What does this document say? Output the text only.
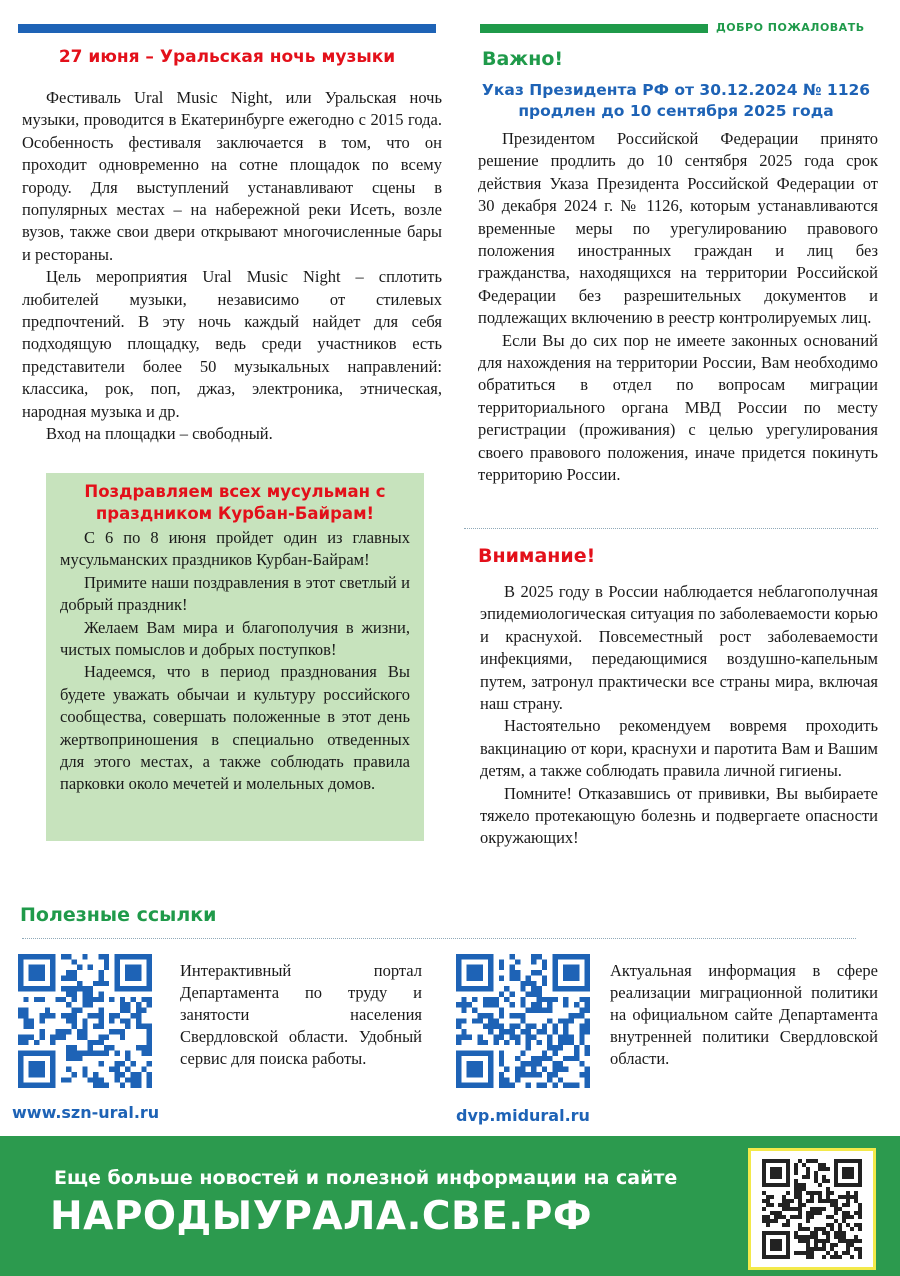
ДОБРО ПОЖАЛОВАТЬ
27 июня – Уральская ночь музыки

Фестиваль Ural Music Night, или Уральская ночь музыки, проводится в Екатеринбурге ежегодно с 2015 года. Особенность фестиваля заключается в том, что он проходит одновременно на сотне площадок по всему городу. Для выступлений устанавливают сцены в популярных местах – на набережной реки Исеть, возле вузов, также свои двери открывают многочисленные бары и рестораны.

Цель мероприятия Ural Music Night – сплотить любителей музыки, независимо от стилевых предпочтений. В эту ночь каждый найдет для себя подходящую площадку, ведь среди участников есть представители более 50 музыкальных направлений: классика, рок, поп, джаз, электроника, этническая, народная музыка и др.

Вход на площадки – свободный.

Поздравляем всех мусульман с праздником Курбан-Байрам!

С 6 по 8 июня пройдет один из главных мусульманских праздников Курбан-Байрам!

Примите наши поздравления в этот светлый и добрый праздник!

Желаем Вам мира и благополучия в жизни, чистых помыслов и добрых поступков!

Надеемся, что в период празднования Вы будете уважать обычаи и культуру российского сообщества, совершать положенные в этот день жертвоприношения в специально отведенных для этого местах, а также соблюдать правила парковки около мечетей и молельных домов.

Важно!
Указ Президента РФ от 30.12.2024 № 1126 продлен до 10 сентября 2025 года

Президентом Российской Федерации принято решение продлить до 10 сентября 2025 года срок действия Указа Президента Российской Федерации от 30 декабря 2024 г. № 1126, которым устанавливаются временные меры по урегулированию правового положения иностранных граждан и лиц без гражданства, находящихся на территории Российской Федерации без разрешительных документов и подлежащих включению в реестр контролируемых лиц.

Если Вы до сих пор не имеете законных оснований для нахождения на территории России, Вам необходимо обратиться в отдел по вопросам миграции территориального органа МВД России по месту регистрации (проживания) с целью урегулирования своего правового положения, иначе придется покинуть территорию России.

Внимание!

В 2025 году в России наблюдается неблагополучная эпидемиологическая ситуация по заболеваемости корью и краснухой. Повсеместный рост заболеваемости инфекциями, передающимися воздушно-капельным путем, затронул практически все страны мира, включая наш страну.

Настоятельно рекомендуем вовремя проходить вакцинацию от кори, краснухи и паротита Вам и Вашим детям, а также соблюдать правила личной гигиены.

Помните! Отказавшись от прививки, Вы выбираете тяжело протекающую болезнь и подвергаете опасности окружающих!

Полезные ссылки
Интерактивный портал Департамента по труду и занятости населения Свердловской области. Удобный сервис для поиска работы.
www.szn-ural.ru
Актуальная информация в сфере реализации миграционной политики на официальном сайте Департамента внутренней политики Свердловской области.
dvp.midural.ru
Еще больше новостей и полезной информации на сайте
НАРОДЫУРАЛА.СВЕ.РФ
